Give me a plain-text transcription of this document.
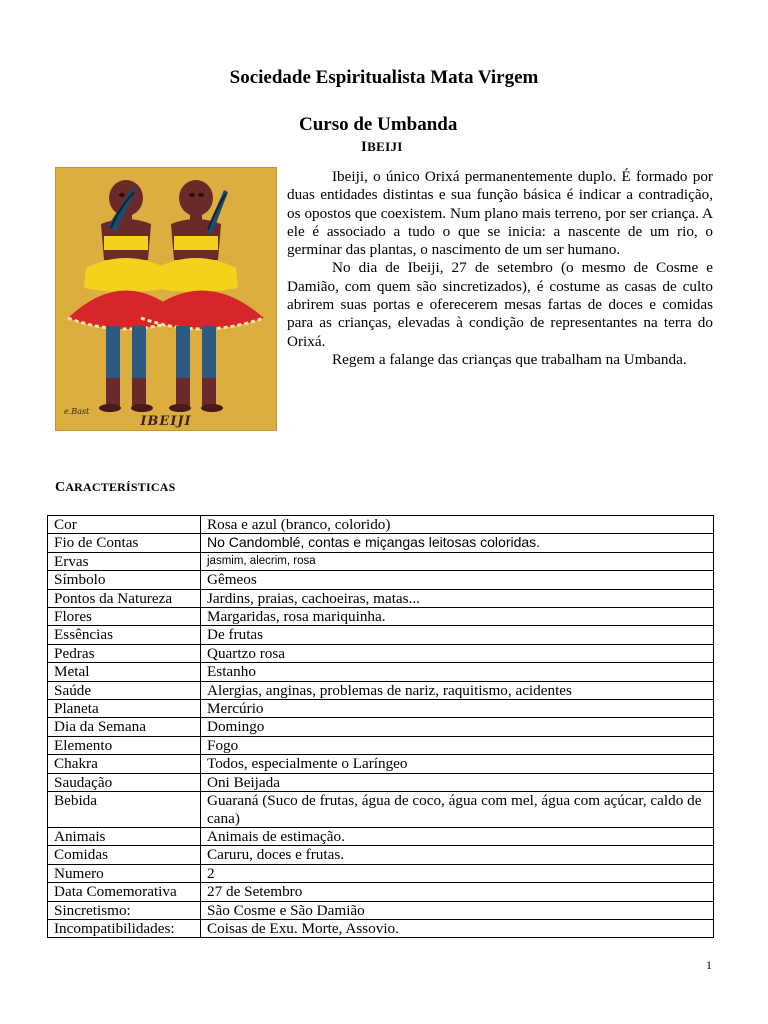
Sociedade Espiritualista Mata Virgem
Curso de Umbanda
IBEIJI
e.Bast
IBEIJI

Ibeiji, o único Orixá permanentemente duplo. É formado por duas entidades distintas e sua função básica é indicar a contradição, os opostos que coexistem. Num plano mais terreno, por ser criança. A ele é associado a tudo o que se inicia: a nascente de um rio, o germinar das plantas, o nascimento de um ser humano.

No dia de Ibeiji, 27 de setembro (o mesmo de Cosme e Damião, com quem são sincretizados), é costume as casas de culto abrirem suas portas e oferecerem mesas fartas de doces e comidas para as crianças, elevadas à condição de representantes na terra do Orixá.

Regem a falange das crianças que trabalham na Umbanda.

CARACTERÍSTICAS
Cor	Rosa e azul (branco, colorido)
Fio de Contas	No Candomblé, contas e miçangas leitosas coloridas.
Ervas	jasmim, alecrim, rosa
Símbolo	Gêmeos
Pontos da Natureza	Jardins, praias, cachoeiras, matas...
Flores	Margaridas, rosa mariquinha.
Essências	De frutas
Pedras	Quartzo rosa
Metal	Estanho
Saúde	Alergias, anginas, problemas de nariz, raquitismo, acidentes
Planeta	Mercúrio
Dia da Semana	Domingo
Elemento	Fogo
Chakra	Todos, especialmente o Laríngeo
Saudação	Oni Beijada
Bebida	Guaraná (Suco de frutas, água de coco, água com mel, água com açúcar, caldo de cana)
Animais	Animais de estimação.
Comidas	Caruru, doces e frutas.
Numero	2
Data Comemorativa	27 de Setembro
Sincretismo:	São Cosme e São Damião
Incompatibilidades:	Coisas de Exu. Morte, Assovio.
1
